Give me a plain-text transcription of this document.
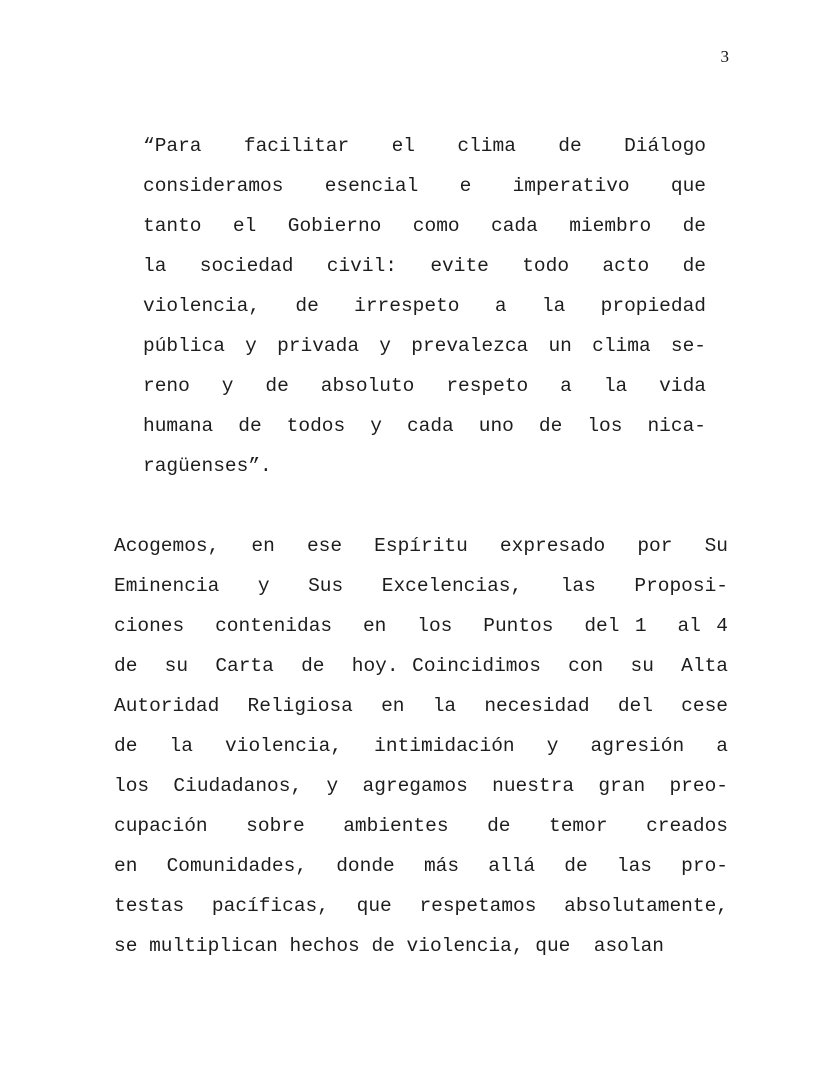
3
“Para  facilitar  el  clima  de  Diálogo
consideramos  esencial  e  imperativo  que
tanto  el  Gobierno  como  cada  miembro  de
la  sociedad  civil:  evite  todo  acto  de
violencia,  de  irrespeto  a  la  propiedad
pública y privada y prevalezca un clima se-
reno  y  de  absoluto  respeto  a  la  vida
humana  de  todos  y  cada  uno  de  los  nica-
ragüenses”.
Acogemos,  en  ese  Espíritu  expresado  por  Su
Eminencia  y  Sus  Excelencias,  las  Proposi-
ciones  contenidas  en  los  Puntos  del 1  al 4
de  su  Carta  de  hoy. Coincidimos  con  su  Alta
Autoridad  Religiosa  en  la  necesidad  del  cese
de  la  violencia,  intimidación  y  agresión  a
los Ciudadanos, y agregamos nuestra gran preo-
cupación  sobre  ambientes  de  temor  creados
en  Comunidades,  donde  más  allá  de  las  pro-
testas pacíficas, que respetamos absolutamente,
se multiplican hechos de violencia, que  asolan
